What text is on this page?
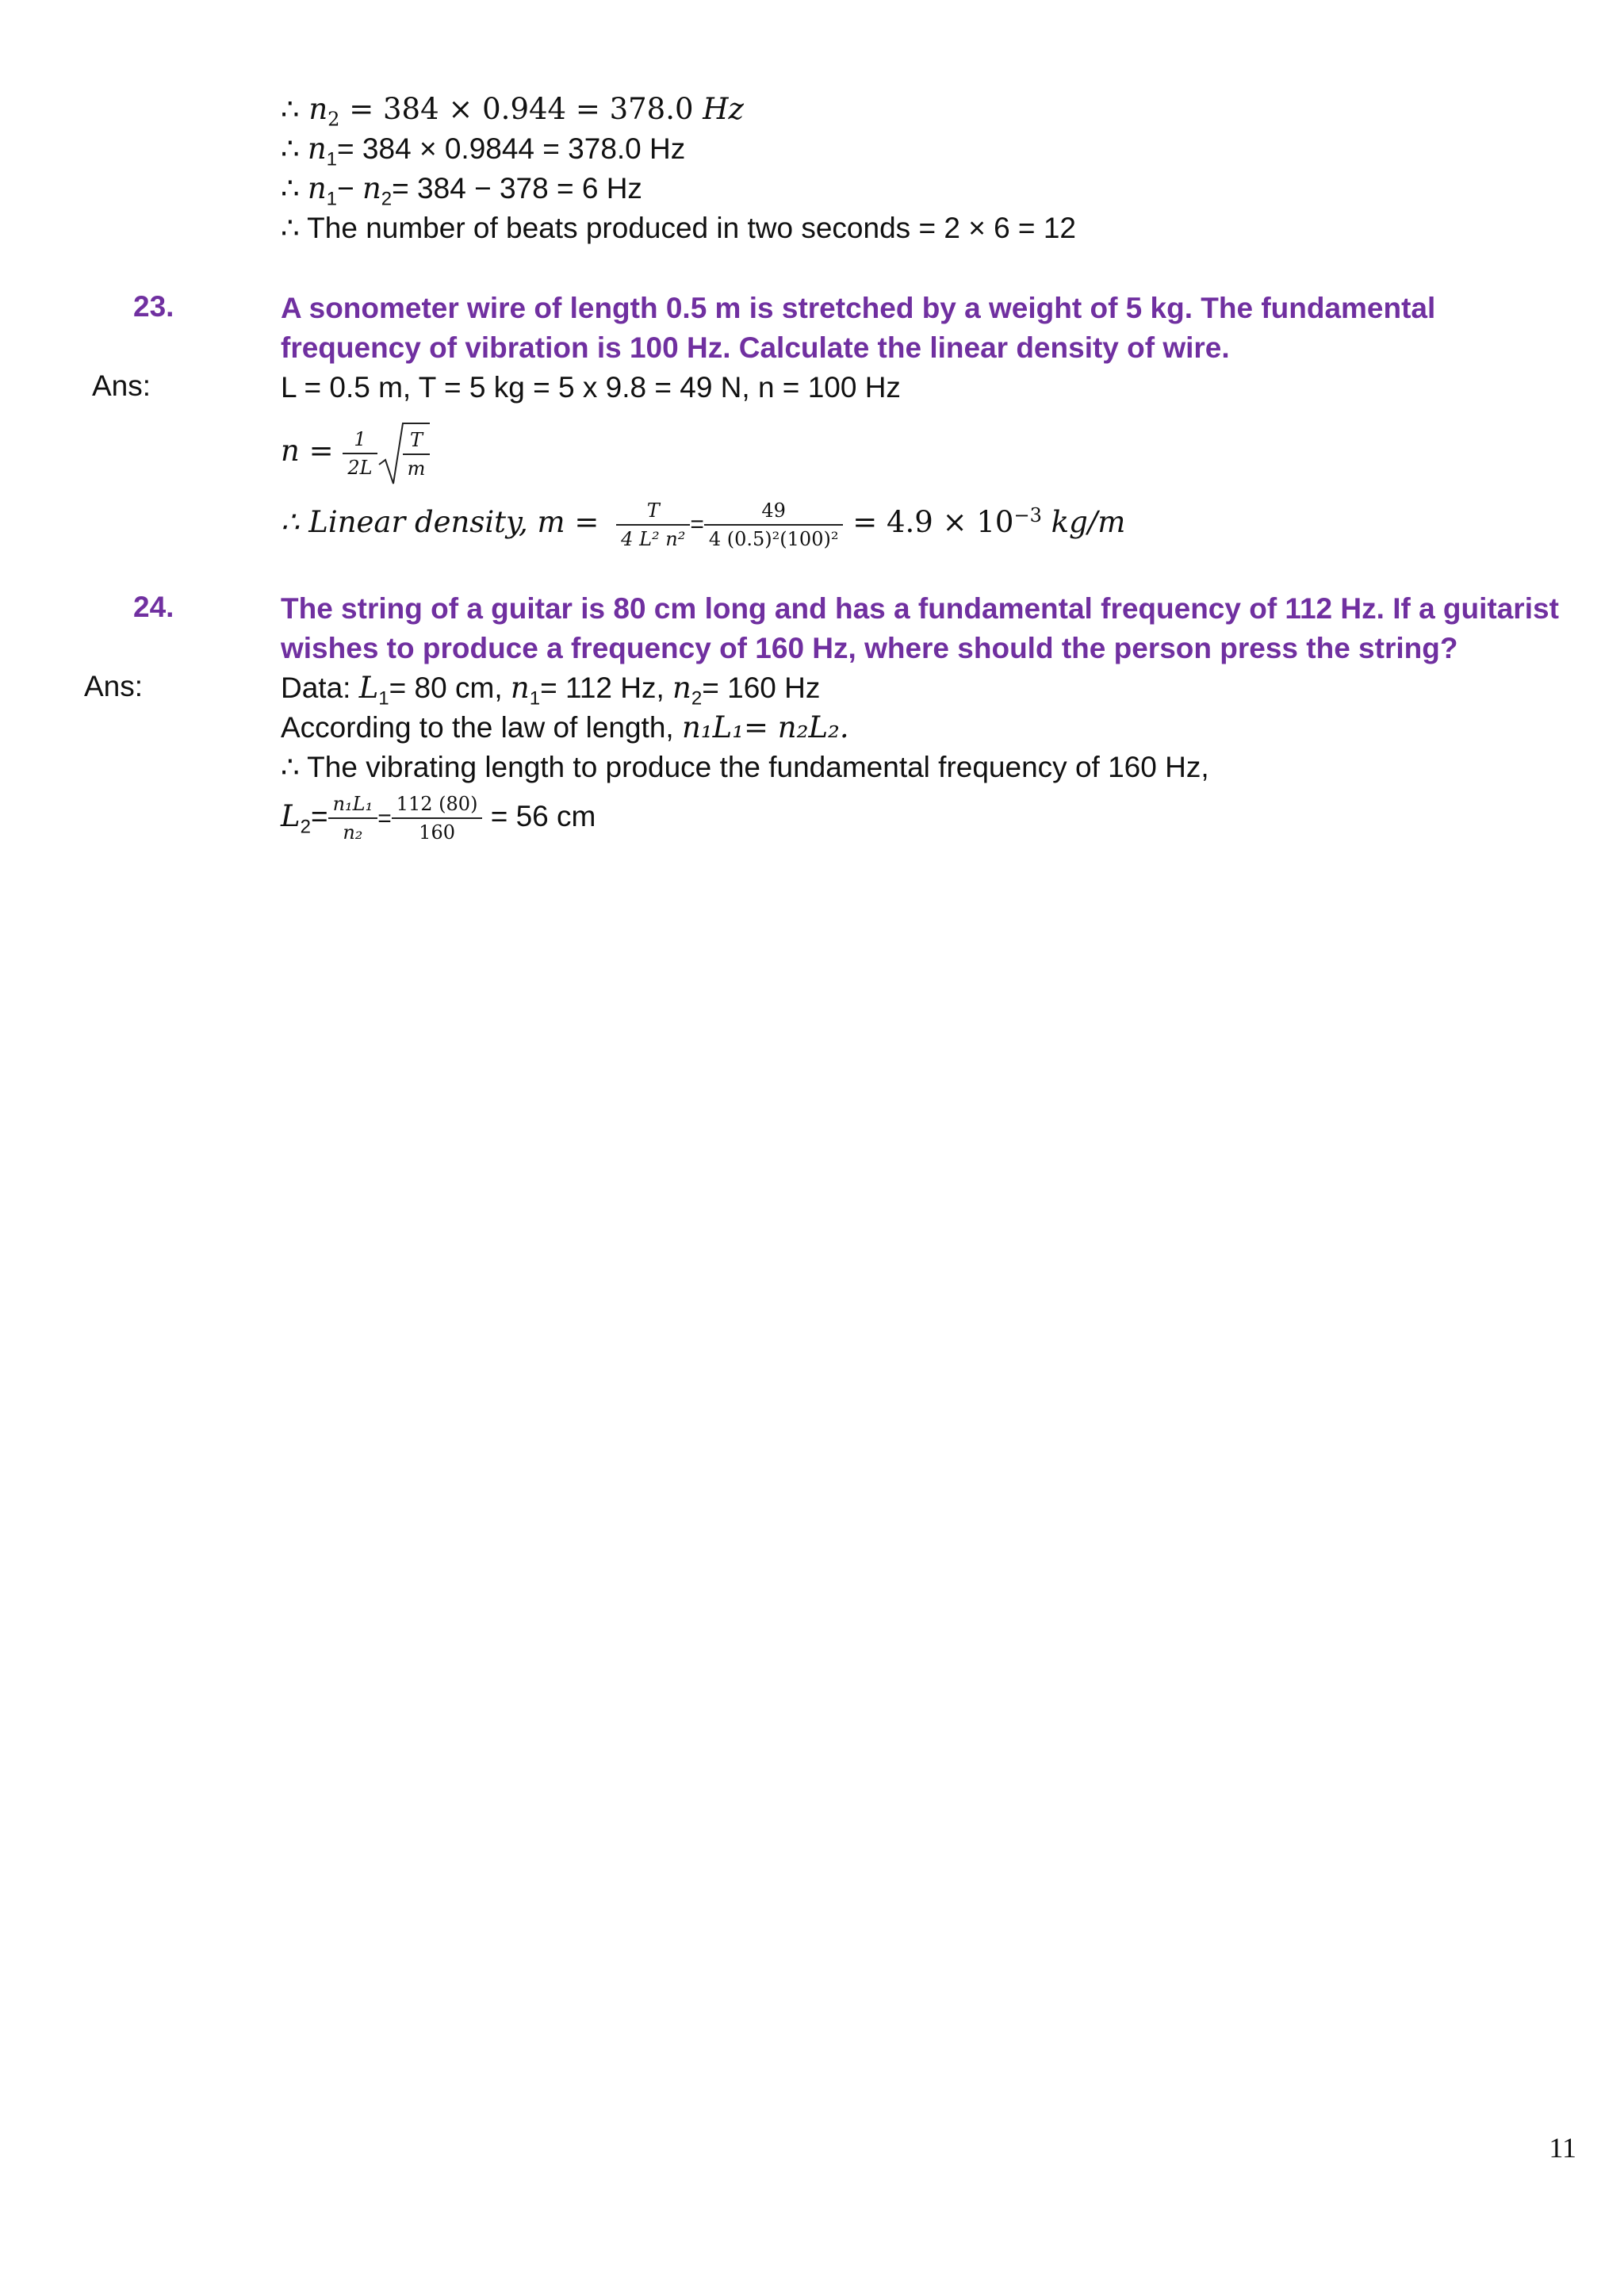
∴ $n_2 = 384 \times 0.944 = 378.0$ Hz
∴ $n_1= 384 \times 0.9844 = 378.0$ Hz
∴ $n_1- n_2= 384 - 378 = 6$ Hz
∴ The number of beats produced in two seconds = 2 × 6 = 12
23.	A sonometer wire of length 0.5 m is stretched by a weight of 5 kg. The fundamental frequency of vibration is 100 Hz. Calculate the linear density of wire.
Ans:	L = 0.5 m, T = 5 kg = 5 x 9.8 = 49 N, n = 100 Hz
$n = \frac{1}{2L} \frac{T}{m}$
∴ Linear density, $m = \frac{T}{\text{4 L² n²}} = \frac{49}{\text{4 (0.5)²(100)²}} = 4.9 \times 10^{-3}$ kg/m
24.	The string of a guitar is 80 cm long and has a fundamental frequency of 112 Hz. If a guitarist wishes to produce a frequency of 160 Hz, where should the person press the string?
Ans:	Data: $L_1= 80$ cm, $n_1= 112$ Hz, $n_2= 160$ Hz
According to the law of length, n₁L₁= n₂L₂.
∴ The vibrating length to produce the fundamental frequency of 160 Hz,
$L_2= \frac{\text{n₁L₁}}{\text{n₂}} = \frac{112 (80)}{160} = 56$ cm
11
